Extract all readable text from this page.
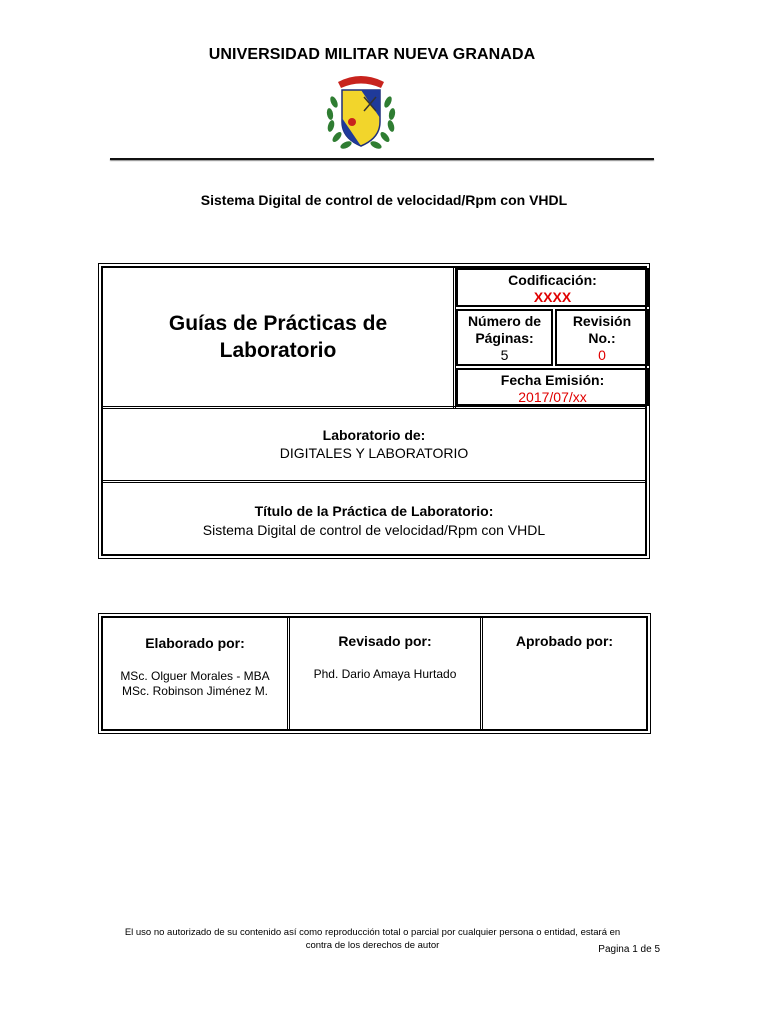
UNIVERSIDAD MILITAR NUEVA GRANADA
Sistema Digital de control de velocidad/Rpm con VHDL
Guías de Prácticas de
Laboratorio
Codificación:
XXXX
Número de
Páginas:
5
Revisión
No.:
0
Fecha Emisión:
2017/07/xx
Laboratorio de:
DIGITALES Y LABORATORIO
Título de la Práctica de Laboratorio:
Sistema Digital de control de velocidad/Rpm con VHDL
Elaborado por:
MSc. Olguer Morales - MBA
MSc. Robinson Jiménez M.
Revisado por:
Phd. Dario Amaya Hurtado
Aprobado por:
El uso no autorizado de su contenido así como reproducción total o parcial por cualquier persona o entidad, estará en
contra de los derechos de autor	Pagina 1 de 5
